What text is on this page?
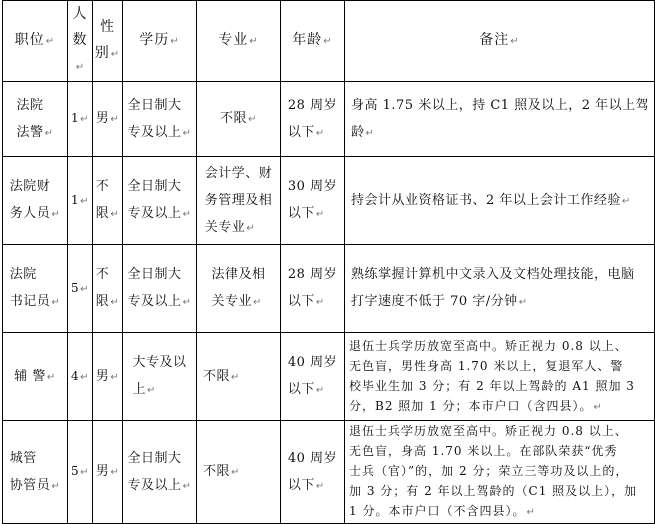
职位↵	人
数↵	性
别↵	学历↵	专业↵	年龄↵	备注↵

法院
法警↵	1↵	男↵	全日制大
专及以上↵	不限↵	28 周岁
以下↵	身高 1.75 米以上，持 C1 照及以上，2 年以上驾
龄↵

法院财
务人员↵	1↵	不
限↵	全日制大
专及以上↵	会计学、财
务管理及相
关专业↵	30 周岁
以下↵	持会计从业资格证书、2 年以上会计工作经验↵

法院
书记员↵	5↵	不
限↵	全日制大
专及以上↵	法律及相
关专业↵	28 周岁
以下↵	熟练掌握计算机中文录入及文档处理技能，电脑
打字速度不低于 70 字/分钟↵

辅 警↵	4↵	男↵	大专及以
上↵	不限↵	40 周岁
以下↵	退伍士兵学历放宽至高中。矫正视力 0.8 以上、
无色盲，男性身高 1.70 米以上，复退军人、警
校毕业生加 3 分；有 2 年以上驾龄的 A1 照加 3
分，B2 照加 1 分；本市户口（含四县）。↵

城管
协管员↵	5↵	男↵	全日制大
专及以上↵	不限↵	40 周岁
以下↵	退伍士兵学历放宽至高中。矫正视力 0.8 以上、
无色盲，身高 1.70 米以上。在部队荣获“优秀
士兵（官）”的，加 2 分；荣立三等功及以上的，
加 3 分；有 2 年以上驾龄的（C1 照及以上），加
1 分。本市户口（不含四县）。↵
